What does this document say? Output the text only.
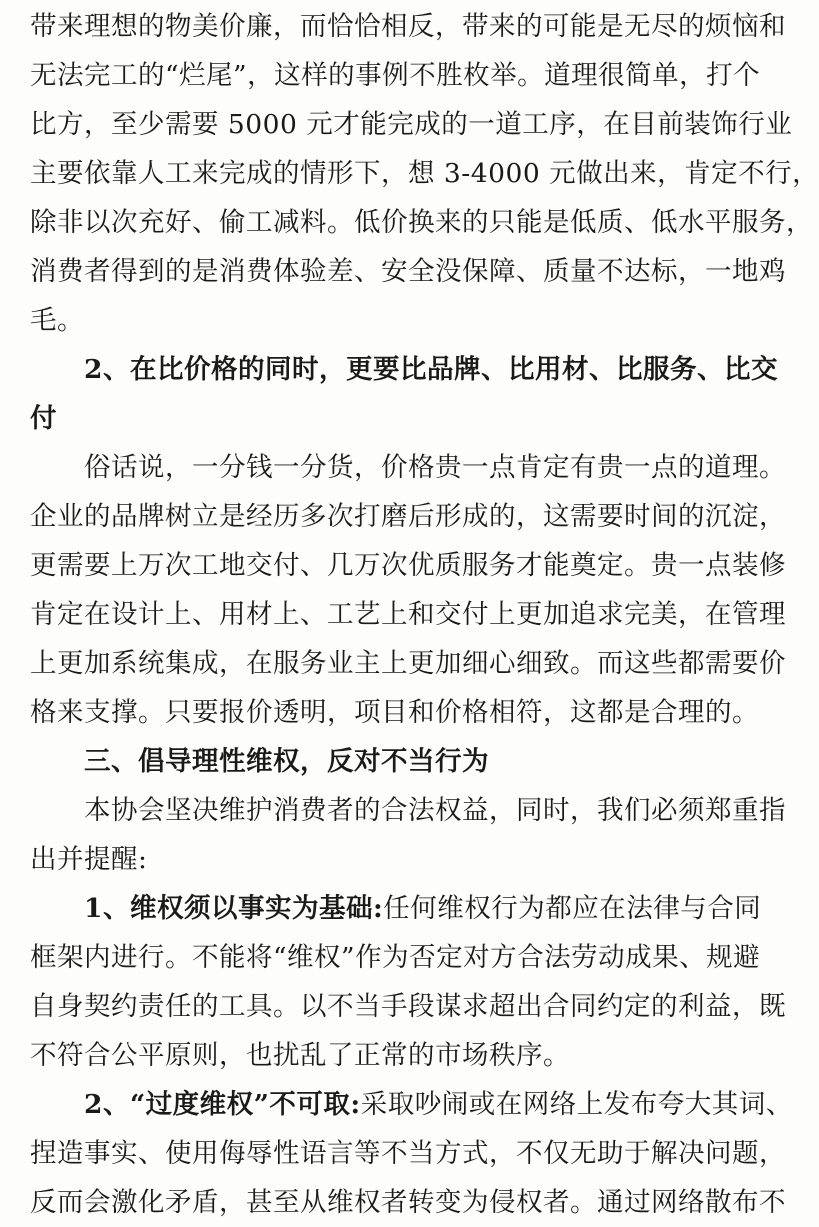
带来理想的物美价廉，而恰恰相反，带来的可能是无尽的烦恼和
无法完工的“烂尾”，这样的事例不胜枚举。道理很简单，打个
比方，至少需要 5000 元才能完成的一道工序，在目前装饰行业
主要依靠人工来完成的情形下，想 3-4000 元做出来，肯定不行，
除非以次充好、偷工减料。低价换来的只能是低质、低水平服务，
消费者得到的是消费体验差、安全没保障、质量不达标，一地鸡
毛。
2、在比价格的同时，更要比品牌、比用材、比服务、比交
付
俗话说，一分钱一分货，价格贵一点肯定有贵一点的道理。
企业的品牌树立是经历多次打磨后形成的，这需要时间的沉淀，
更需要上万次工地交付、几万次优质服务才能奠定。贵一点装修
肯定在设计上、用材上、工艺上和交付上更加追求完美，在管理
上更加系统集成，在服务业主上更加细心细致。而这些都需要价
格来支撑。只要报价透明，项目和价格相符，这都是合理的。
三、倡导理性维权，反对不当行为
本协会坚决维护消费者的合法权益，同时，我们必须郑重指
出并提醒:
1、维权须以事实为基础:任何维权行为都应在法律与合同
框架内进行。不能将“维权”作为否定对方合法劳动成果、规避
自身契约责任的工具。以不当手段谋求超出合同约定的利益，既
不符合公平原则，也扰乱了正常的市场秩序。
2、“过度维权”不可取:采取吵闹或在网络上发布夸大其词、
捏造事实、使用侮辱性语言等不当方式，不仅无助于解决问题，
反而会激化矛盾，甚至从维权者转变为侵权者。通过网络散布不
